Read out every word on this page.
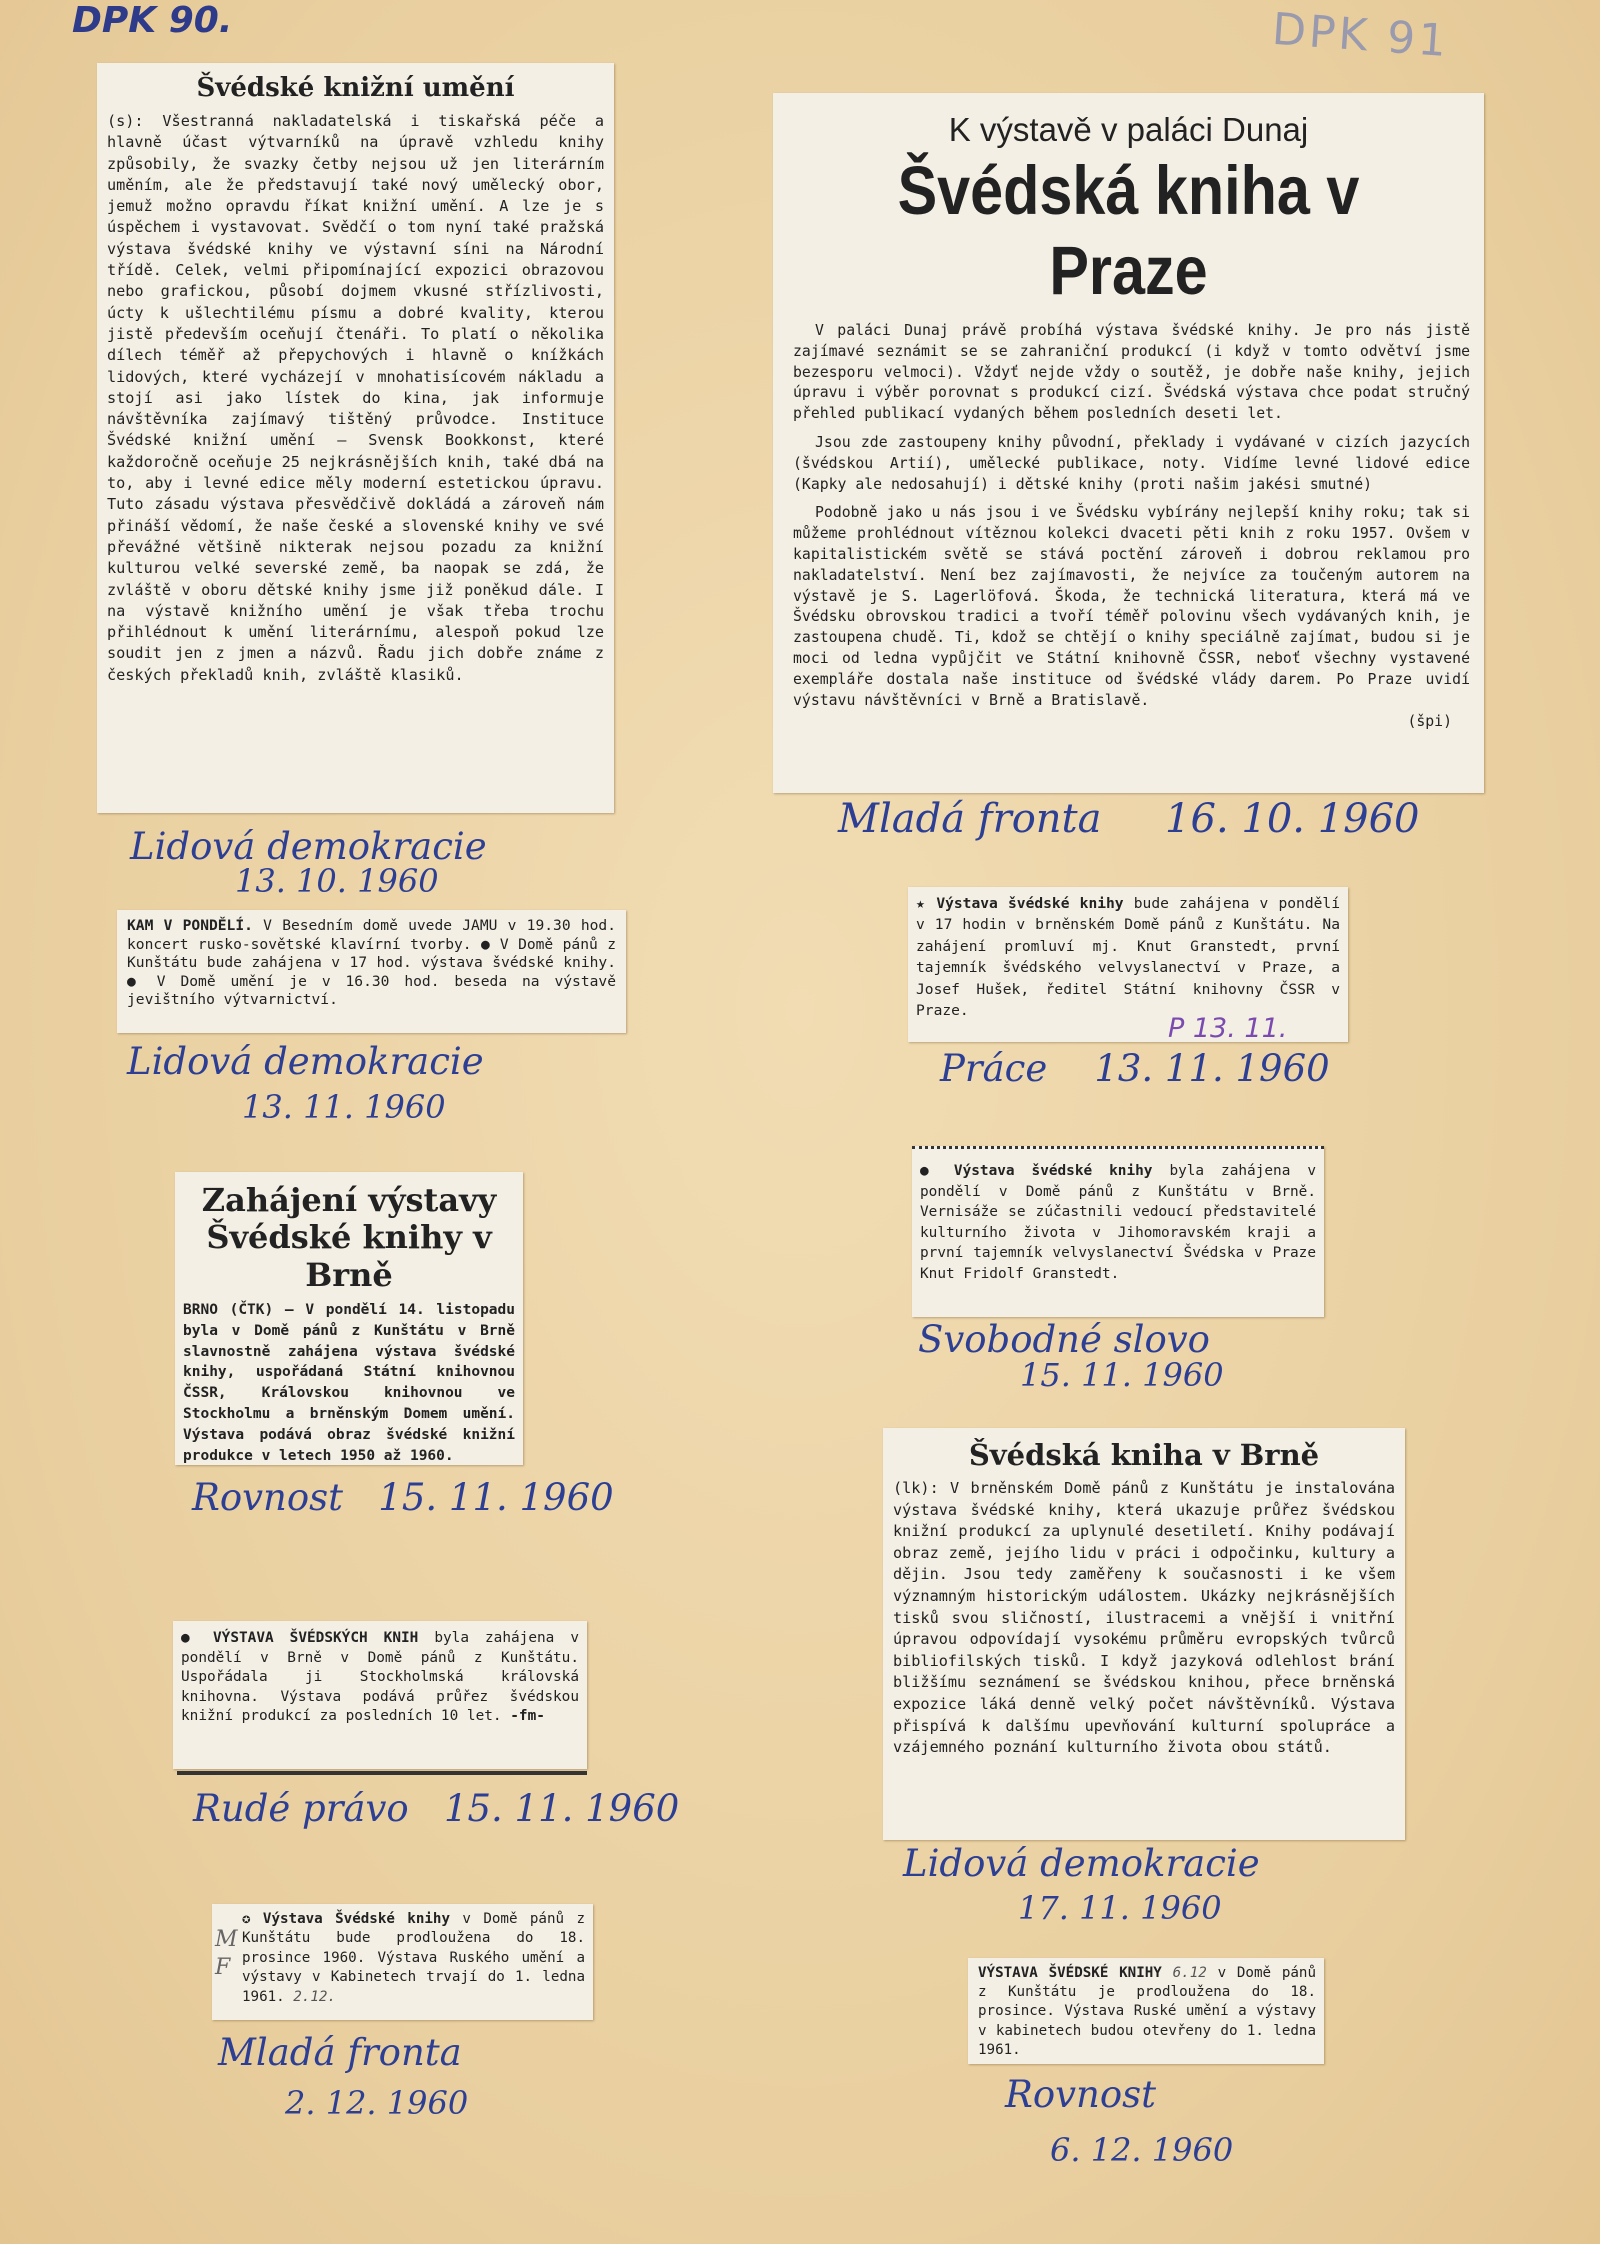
DPK 90.	DPK 91
Švédské knižní umění
(s): Všestranná nakladatelská i tiskařská péče a hlavně účast výtvarníků na úpravě vzhledu knihy způsobily, že svazky četby nejsou už jen literárním uměním, ale že představují také nový umělecký obor, jemuž možno opravdu říkat knižní umění. A lze je s úspěchem i vystavovat. Svědčí o tom nyní také pražská výstava švédské knihy ve výstavní síni na Národní třídě. Celek, velmi připomínající expozici obrazovou nebo grafickou, působí dojmem vkusné střízlivosti, úcty k ušlechtilému písmu a dobré kvality, kterou jistě především oceňují čtenáři. To platí o několika dílech téměř až přepychových i hlavně o knížkách lidových, které vycházejí v mnohatisícovém nákladu a stojí asi jako lístek do kina, jak informuje návštěvníka zajímavý tištěný průvodce. Instituce Švédské knižní umění — Svensk Bookkonst, které každoročně oceňuje 25 nejkrásnějších knih, také dbá na to, aby i levné edice měly moderní estetickou úpravu. Tuto zásadu výstava přesvědčivě dokládá a zároveň nám přináší vědomí, že naše české a slovenské knihy ve své převážné většině nikterak nejsou pozadu za knižní kulturou velké severské země, ba naopak se zdá, že zvláště v oboru dětské knihy jsme již poněkud dále. I na výstavě knižního umění je však třeba trochu přihlédnout k umění literárnímu, alespoň pokud lze soudit jen z jmen a názvů. Řadu jich dobře známe z českých překladů knih, zvláště klasiků.
Lidová demokracie
13. 10. 1960
KAM V PONDĚLÍ. V Besedním domě uvede JAMU v 19.30 hod. koncert rusko-sovětské klavírní tvorby. ● V Domě pánů z Kunštátu bude zahájena v 17 hod. výstava švédské knihy. ● V Domě umění je v 16.30 hod. beseda na výstavě jevištního výtvarnictví.
Lidová demokracie
13. 11. 1960
Zahájení výstavy
Švédské knihy v Brně
BRNO (ČTK) — V pondělí 14. listopadu byla v Domě pánů z Kunštátu v Brně slavnostně zahájena výstava švédské knihy, uspořádaná Státní knihovnou ČSSR, Královskou knihovnou ve Stockholmu a brněnským Domem umění. Výstava podává obraz švédské knižní produkce v letech 1950 až 1960.
Rovnost 15. 11. 1960
● VÝSTAVA ŠVÉDSKÝCH KNIH byla zahájena v pondělí v Brně v Domě pánů z Kunštátu. Uspořádala ji Stockholmská královská knihovna. Výstava podává průřez švédskou knižní produkcí za posledních 10 let. -fm-
Rudé právo 15. 11. 1960
M F
✪ Výstava Švédské knihy v Domě pánů z Kunštátu bude prodloužena do 18. prosince 1960. Výstava Ruského umění a výstavy v Kabinetech trvají do 1. ledna 1961. 2.12.
Mladá fronta
2. 12. 1960
K výstavě v paláci Dunaj
Švédská kniha v Praze
V paláci Dunaj právě probíhá výstava švédské knihy. Je pro nás jistě zajímavé seznámit se se zahraniční produkcí (i když v tomto odvětví jsme bezesporu velmoci). Vždyť nejde vždy o soutěž, je dobře naše knihy, jejich úpravu i výběr porovnat s produkcí cizí. Švédská výstava chce podat stručný přehled publikací vydaných během posledních deseti let.
Jsou zde zastoupeny knihy původní, překlady i vydávané v cizích jazycích (švédskou Artií), umělecké publikace, noty. Vidíme levné lidové edice (Kapky ale nedosahují) i dětské knihy (proti našim jakési smutné)
Podobně jako u nás jsou i ve Švédsku vybírány nejlepší knihy roku; tak si můžeme prohlédnout vítěznou kolekci dvaceti pěti knih z roku 1957. Ovšem v kapitalistickém světě se stává poctění zároveň i dobrou reklamou pro nakladatelství. Není bez zajímavosti, že nejvíce za toučeným autorem na výstavě je S. Lagerlöfová. Škoda, že technická literatura, která má ve Švédsku obrovskou tradici a tvoří téměř polovinu všech vydávaných knih, je zastoupena chudě. Ti, kdož se chtějí o knihy speciálně zajímat, budou si je moci od ledna vypůjčit ve Státní knihovně ČSSR, neboť všechny vystavené exempláře dostala naše instituce od švédské vlády darem. Po Praze uvidí výstavu návštěvníci v Brně a Bratislavě.
(špi)
Mladá fronta 16. 10. 1960
★ Výstava švédské knihy bude zahájena v pondělí v 17 hodin v brněnském Domě pánů z Kunštátu. Na zahájení promluví mj. Knut Granstedt, první tajemník švédského velvyslanectví v Praze, a Josef Hušek, ředitel Státní knihovny ČSSR v Praze.
P 13. 11.
Práce 13. 11. 1960
● Výstava švédské knihy byla zahájena v pondělí v Domě pánů z Kunštátu v Brně. Vernisáže se zúčastnili vedoucí představitelé kulturního života v Jihomoravském kraji a první tajemník velvyslanectví Švédska v Praze Knut Fridolf Granstedt.
Svobodné slovo
15. 11. 1960
Švédská kniha v Brně
(lk): V brněnském Domě pánů z Kunštátu je instalována výstava švédské knihy, která ukazuje průřez švédskou knižní produkcí za uplynulé desetiletí. Knihy podávají obraz země, jejího lidu v práci i odpočinku, kultury a dějin. Jsou tedy zaměřeny k současnosti i ke všem významným historickým událostem. Ukázky nejkrásnějších tisků svou sličností, ilustracemi a vnější i vnitřní úpravou odpovídají vysokému průměru evropských tvůrců bibliofilských tisků. I když jazyková odlehlost brání bližšímu seznámení se švédskou knihou, přece brněnská expozice láká denně velký počet návštěvníků. Výstava přispívá k dalšímu upevňování kulturní spolupráce a vzájemného poznání kulturního života obou států.
Lidová demokracie
17. 11. 1960
VÝSTAVA ŠVÉDSKÉ KNIHY 6.12 v Domě pánů z Kunštátu je prodloužena do 18. prosince. Výstava Ruské umění a výstavy v kabinetech budou otevřeny do 1. ledna 1961.
Rovnost
6. 12. 1960
